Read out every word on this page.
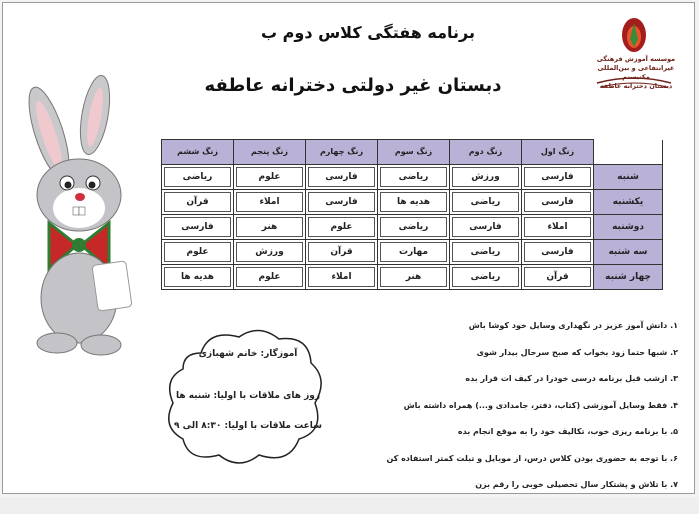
برنامه هفتگی کلاس دوم ب
دبستان غیر دولتی دخترانه عاطفه
موسسه آموزش فرهنگی
غیرانتفاعی و بین‌المللی مکتبستم
دبستان دخترانه عاطفه
	زنگ اول	زنگ دوم	زنگ سوم	زنگ چهارم	زنگ پنجم	زنگ ششم
شنبه	فارسی	ورزش	ریاضی	فارسی	علوم	ریاضی
یکشنبه	فارسی	ریاضی	هدیه ها	فارسی	املاء	قرآن
دوشنبه	املاء	فارسی	ریاضی	علوم	هنر	فارسی
سه شنبه	فارسی	ریاضی	مهارت	قرآن	ورزش	علوم
چهار شنبه	قرآن	ریاضی	هنر	املاء	علوم	هدیه ها
آموزگار: خانم شهبازی
روز های ملاقات با اولیا: شنبه ها
ساعت ملاقات با اولیا: ۸:۳۰ الی ۹
۱. دانش آموز عزیز در نگهداری وسایل خود کوشا باش
۲. شبها حتما زود بخواب که صبح سرحال بیدار شوی
۳. ازشب قبل برنامه درسی خودرا در کیف ات قرار بده
۴. فقط وسایل آموزشی (کتاب، دفتر، جامدادی و...) همراه داشته باش
۵. با برنامه ریزی خوب، تکالیف خود را به موقع انجام بده
۶. با توجه به حضوری بودن کلاس درس، از موبایل و تبلت کمتر استفاده کن
۷. با تلاش و پشتکار سال تحصیلی خوبی را رقم بزن
